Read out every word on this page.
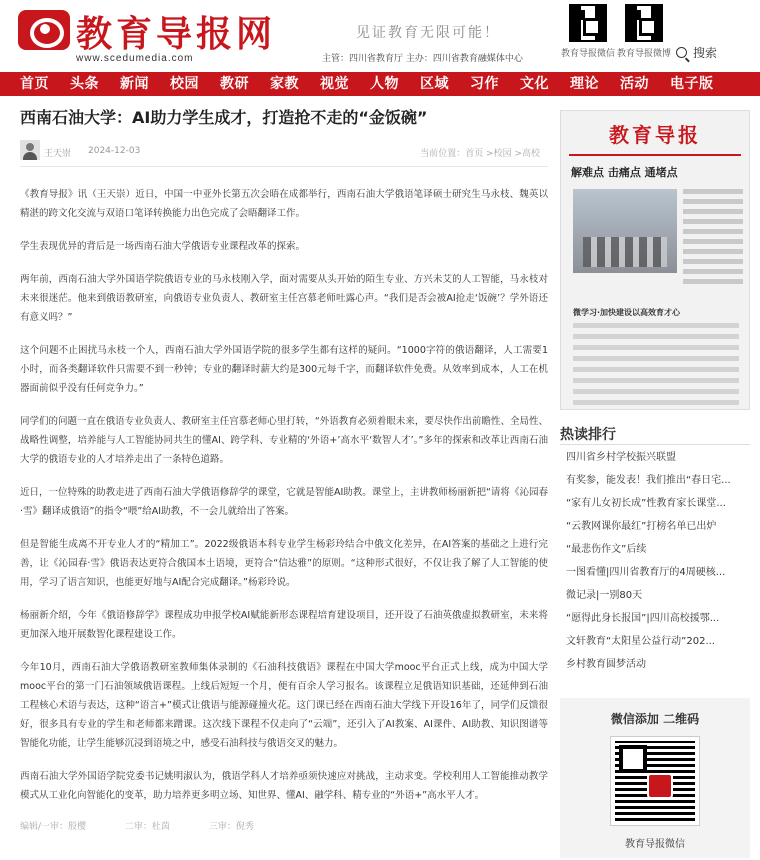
教育导报网
www.scedumedia.com
见证教育无限可能！
主管：四川省教育厅 主办：四川省教育融媒体中心	教育导报微信 教育导报微博	搜索
首页 头条 新闻 校园 教研 家教 视觉 人物 区域 习作 文化 理论 活动 电子版
西南石油大学：AI助力学生成才，打造抢不走的“金饭碗”
王天崇 2024-12-03	当前位置：首页 >校园 >高校

《教育导报》讯（王天崇）近日，中国一中亚外长第五次会晤在成都举行，西南石油大学俄语笔译硕士研究生马永枝、魏英以精湛的跨文化交流与双语口笔译转换能力出色完成了会晤翻译工作。

学生表现优异的背后是一场西南石油大学俄语专业课程改革的探索。

两年前，西南石油大学外国语学院俄语专业的马永枝刚入学，面对需要从头开始的陌生专业、方兴未艾的人工智能，马永枝对未来很迷茫。他来到俄语教研室，向俄语专业负责人、教研室主任宫慕老师吐露心声。“我们是否会被AI抢走‘饭碗’？学外语还有意义吗？”

这个问题不止困扰马永枝一个人，西南石油大学外国语学院的很多学生都有这样的疑问。“1000字符的俄语翻译，人工需要1小时，而各类翻译软件只需要不到一秒钟；专业的翻译时薪大约是300元每千字，而翻译软件免费。从效率到成本，人工在机器面前似乎没有任何竞争力。”

同学们的问题一直在俄语专业负责人、教研室主任宫慕老师心里打转，“外语教育必须着眼未来，要尽快作出前瞻性、全局性、战略性调整，培养能与人工智能协同共生的懂AI、跨学科、专业精的‘外语+’高水平‘数智人才’。”多年的探索和改革让西南石油大学的俄语专业的人才培养走出了一条特色道路。

近日，一位特殊的助教走进了西南石油大学俄语修辞学的课堂，它就是智能AI助教。课堂上，主讲教师杨丽新把“请将《沁园春·雪》翻译成俄语”的指令“喂”给AI助教，不一会儿就给出了答案。

但是智能生成离不开专业人才的“精加工”。2022级俄语本科专业学生杨彩玲结合中俄文化差异，在AI答案的基础之上进行完善，让《沁园春·雪》俄语表达更符合俄国本土语境，更符合“信达雅”的原则。“这种形式很好，不仅让我了解了人工智能的使用，学习了语言知识，也能更好地与AI配合完成翻译。”杨彩玲说。

杨丽新介绍，今年《俄语修辞学》课程成功申报学校AI赋能新形态课程培育建设项目，还开设了石油英俄虚拟教研室，未来将更加深入地开展数智化课程建设工作。

今年10月，西南石油大学俄语教研室教师集体录制的《石油科技俄语》课程在中国大学mooc平台正式上线，成为中国大学mooc平台的第一门石油领域俄语课程。上线后短短一个月，便有百余人学习报名。该课程立足俄语知识基础，还延伸到石油工程核心术语与表达，这种“语言+”模式让俄语与能源碰撞火花。这门课已经在西南石油大学线下开设16年了，同学们反馈很好，很多具有专业的学生和老师都来蹭课。这次线下课程不仅走向了“云端”，还引入了AI教案、AI课件、AI助教、知识图谱等智能化功能，让学生能够沉浸到语境之中，感受石油科技与俄语交叉的魅力。

西南石油大学外国语学院党委书记姚明淑认为，俄语学科人才培养亟须快速应对挑战，主动求变。学校利用人工智能推动教学模式从工业化向智能化的变革，助力培养更多明立场、知世界、懂AI、融学科、精专业的“外语+”高水平人才。

编辑/一审：殷樱	二审：杜茵	三审：倪秀
教育导报
解难点 击痛点 通堵点
微学习·加快建设以高效育才心
热读排行
四川省乡村学校振兴联盟
有奖参，能发表！我们推出“春日宅...
“家有儿女初长成”性教育家长课堂...
“云教网课你最红”打榜名单已出炉
“最悲伤作文”后续
一图看懂|四川省教育厅的4周硬核...
微记录|一别80天
“愿得此身长报国”|四川高校援鄂...
文轩教育“太阳星公益行动”202...
乡村教育圆梦活动
微信添加 二维码
教育导报微信
